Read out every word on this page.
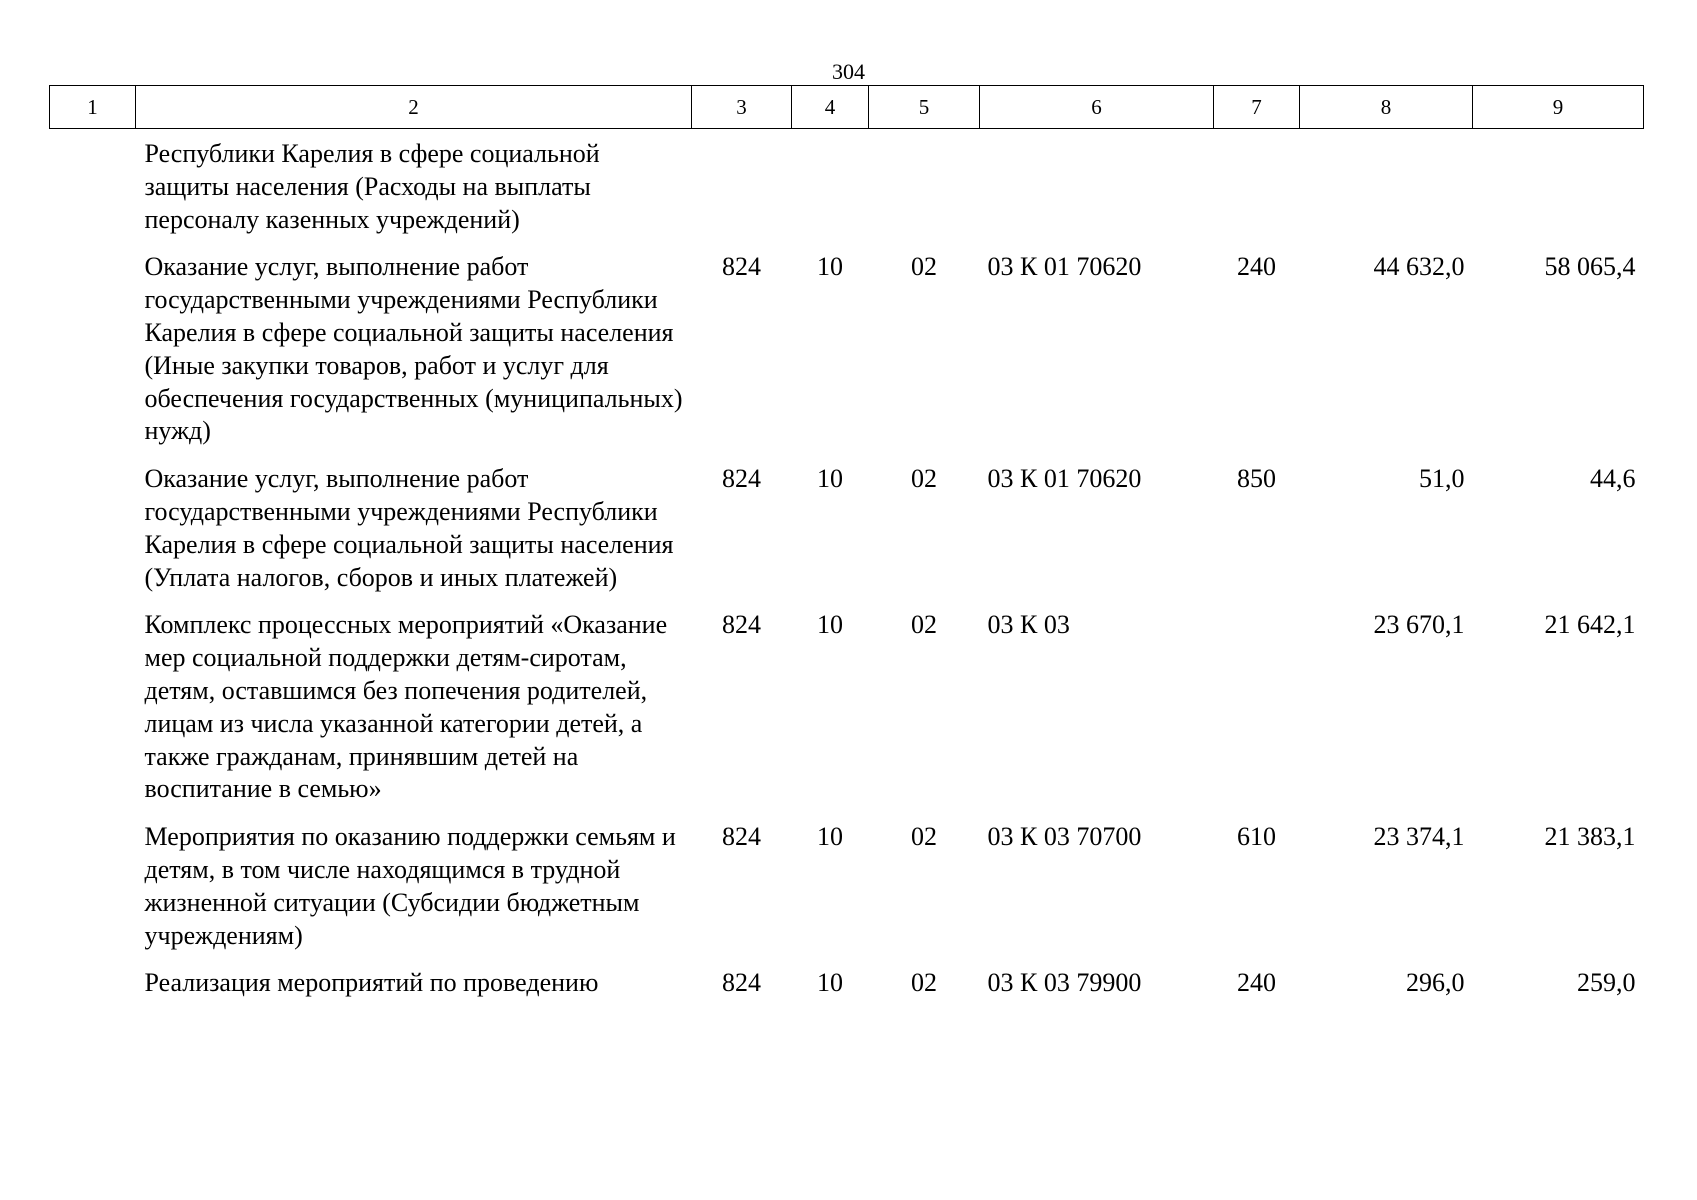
304
1	2	3	4	5	6	7	8	9
	Республики Карелия в сфере социальной защиты населения (Расходы на выплаты персоналу казенных учреждений)							
	Оказание услуг, выполнение работ государственными учреждениями Республики Карелия в сфере социальной защиты населения (Иные закупки товаров, работ и услуг для обеспечения государственных (муниципальных) нужд)	824	10	02	03 К 01 70620	240	44 632,0	58 065,4
	Оказание услуг, выполнение работ государственными учреждениями Республики Карелия в сфере социальной защиты населения (Уплата налогов, сборов и иных платежей)	824	10	02	03 К 01 70620	850	51,0	44,6
	Комплекс процессных мероприятий «Оказание мер социальной поддержки детям-сиротам, детям, оставшимся без попечения родителей, лицам из числа указанной категории детей, а также гражданам, принявшим детей на воспитание в семью»	824	10	02	03 К 03		23 670,1	21 642,1
	Мероприятия по оказанию поддержки семьям и детям, в том числе находящимся в трудной жизненной ситуации (Субсидии бюджетным учреждениям)	824	10	02	03 К 03 70700	610	23 374,1	21 383,1
	Реализация мероприятий по проведению	824	10	02	03 К 03 79900	240	296,0	259,0
